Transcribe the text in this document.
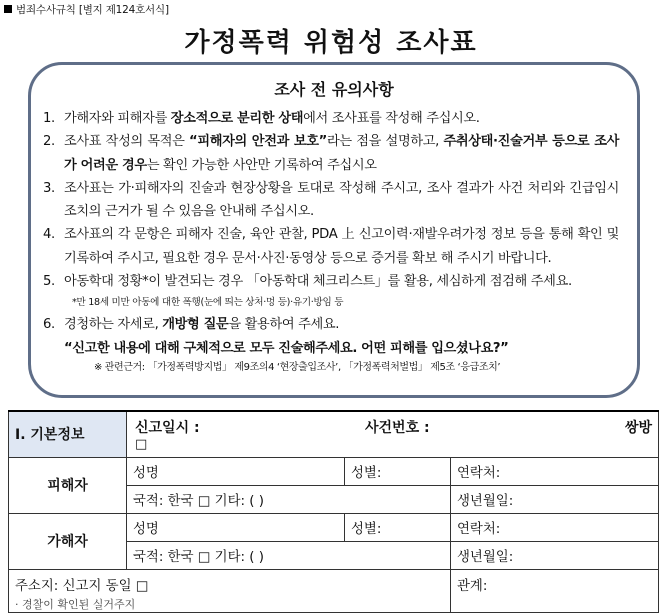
범죄수사규칙 [별지 제124호서식]
가정폭력 위험성 조사표
조사 전 유의사항
1. 가해자와 피해자를 장소적으로 분리한 상태에서 조사표를 작성해 주십시오.
2. 조사표 작성의 목적은 “피해자의 안전과 보호”라는 점을 설명하고, 주취상태·진술거부 등으로 조사가 어려운 경우는 확인 가능한 사안만 기록하여 주십시오
3. 조사표는 가·피해자의 진술과 현장상황을 토대로 작성해 주시고, 조사 결과가 사건 처리와 긴급임시조치의 근거가 될 수 있음을 안내해 주십시오.
4. 조사표의 각 문항은 피해자 진술, 육안 관찰, PDA 上 신고이력·재발우려가정 정보 등을 통해 확인 및 기록하여 주시고, 필요한 경우 문서·사진·동영상 등으로 증거를 확보 해 주시기 바랍니다.
5. 아동학대 정황*이 발견되는 경우 「아동학대 체크리스트」를 활용, 세심하게 점검해 주세요.
*만 18세 미만 아동에 대한 폭행(눈에 띄는 상처·멍 등)·유기·방임 등
6. 경청하는 자세로, 개방형 질문을 활용하여 주세요.
“신고한 내용에 대해 구체적으로 모두 진술해주세요. 어떤 피해를 입으셨나요?”
※ 관련근거: 「가정폭력방지법」 제9조의4 ‘현장출입조사’, 「가정폭력처벌법」 제5조 ‘응급조치’
Ⅰ. 기본정보	신고일시 : 사건번호 : 쌍방
□		

피해자	성명	성별:	연락처:
	국적: 한국 □ 기타: ( )		생년월일:
가해자	성명	성별:	연락처:
	국적: 한국 □ 기타: ( )		생년월일:

주소지: 신고지 동일 □
· 경찰이 확인된 실거주지			관계:
